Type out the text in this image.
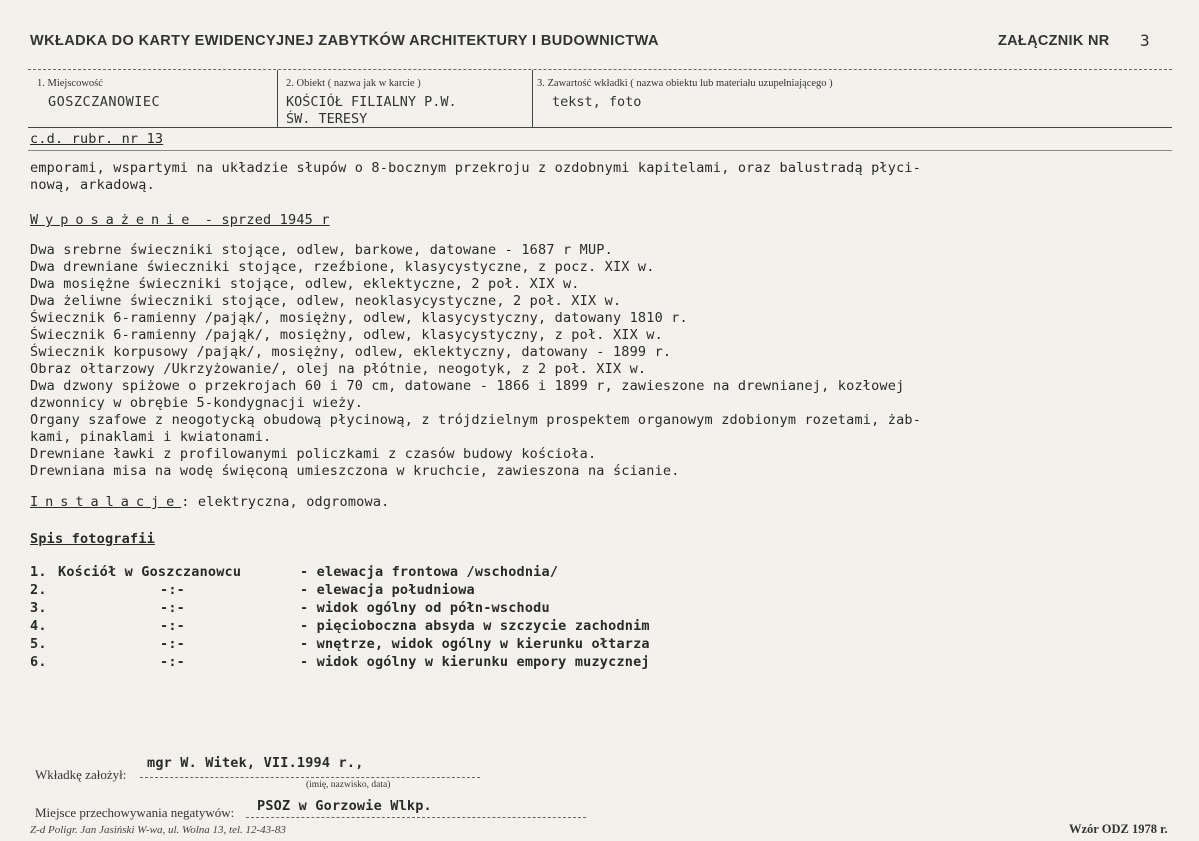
WKŁADKA DO KARTY EWIDENCYJNEJ ZABYTKÓW ARCHITEKTURY I BUDOWNICTWA	ZAŁĄCZNIK NR 3
1. Miejscowość
GOSZCZANOWIEC
2. Obiekt ( nazwa jak w karcie )
KOŚCIÓŁ FILIALNY P.W.
ŚW. TERESY
3. Zawartość wkładki ( nazwa obiektu lub materiału uzupełniającego )
tekst, foto
c.d. rubr. nr 13
emporami, wspartymi na układzie słupów o 8-bocznym przekroju z ozdobnymi kapitelami, oraz balustradą płyci-
nową, arkadową.
Wyposażenie - sprzed 1945 r
Dwa srebrne świeczniki stojące, odlew, barkowe, datowane - 1687 r MUP.
Dwa drewniane świeczniki stojące, rzeźbione, klasycystyczne, z pocz. XIX w.
Dwa mosiężne świeczniki stojące, odlew, eklektyczne, 2 poł. XIX w.
Dwa żeliwne świeczniki stojące, odlew, neoklasycystyczne, 2 poł. XIX w.
Świecznik 6-ramienny /pająk/, mosiężny, odlew, klasycystyczny, datowany 1810 r.
Świecznik 6-ramienny /pająk/, mosiężny, odlew, klasycystyczny, z poł. XIX w.
Świecznik korpusowy /pająk/, mosiężny, odlew, eklektyczny, datowany - 1899 r.
Obraz ołtarzowy /Ukrzyżowanie/, olej na płótnie, neogotyk, z 2 poł. XIX w.
Dwa dzwony spiżowe o przekrojach 60 i 70 cm, datowane - 1866 i 1899 r, zawieszone na drewnianej, kozłowej
dzwonnicy w obrębie 5-kondygnacji wieży.
Organy szafowe z neogotycką obudową płycinową, z trójdzielnym prospektem organowym zdobionym rozetami, żab-
kami, pinaklami i kwiatonami.
Drewniane ławki z profilowanymi policzkami z czasów budowy kościoła.
Drewniana misa na wodę święconą umieszczona w kruchcie, zawieszona na ścianie.
Instalacje: elektryczna, odgromowa.
Spis fotografii
1. Kościół w Goszczanowcu	- elewacja frontowa /wschodnia/
2.	-:-	- elewacja południowa
3.	-:-	- widok ogólny od półn-wschodu
4.	-:-	- pięcioboczna absyda w szczycie zachodnim
5.	-:-	- wnętrze, widok ogólny w kierunku ołtarza
6.	-:-	- widok ogólny w kierunku empory muzycznej
Wkładkę założył:
mgr W. Witek, VII.1994 r.,
(imię, nazwisko, data)
Miejsce przechowywania negatywów: PSOZ w Gorzowie Wlkp.
Z-d Poligr. Jan Jasiński W-wa, ul. Wolna 13, tel. 12-43-83	Wzór ODZ 1978 r.
